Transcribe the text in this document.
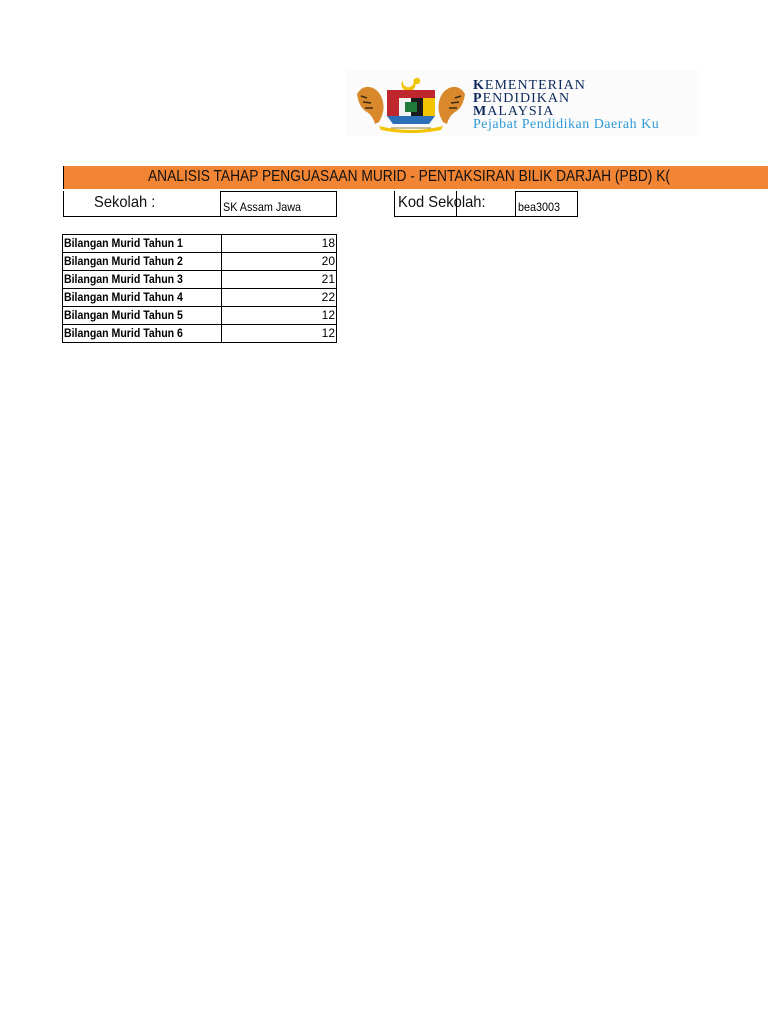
KEMENTERIAN
PENDIDIKAN
MALAYSIA
Pejabat Pendidikan Daerah Ku
ANALISIS TAHAP PENGUASAAN MURID - PENTAKSIRAN BILIK DARJAH (PBD) K(
Sekolah :	SK Assam Jawa	Kod Sekolah:	bea3003
Bilangan Murid Tahun 1	18
Bilangan Murid Tahun 2	20
Bilangan Murid Tahun 3	21
Bilangan Murid Tahun 4	22
Bilangan Murid Tahun 5	12
Bilangan Murid Tahun 6	12
